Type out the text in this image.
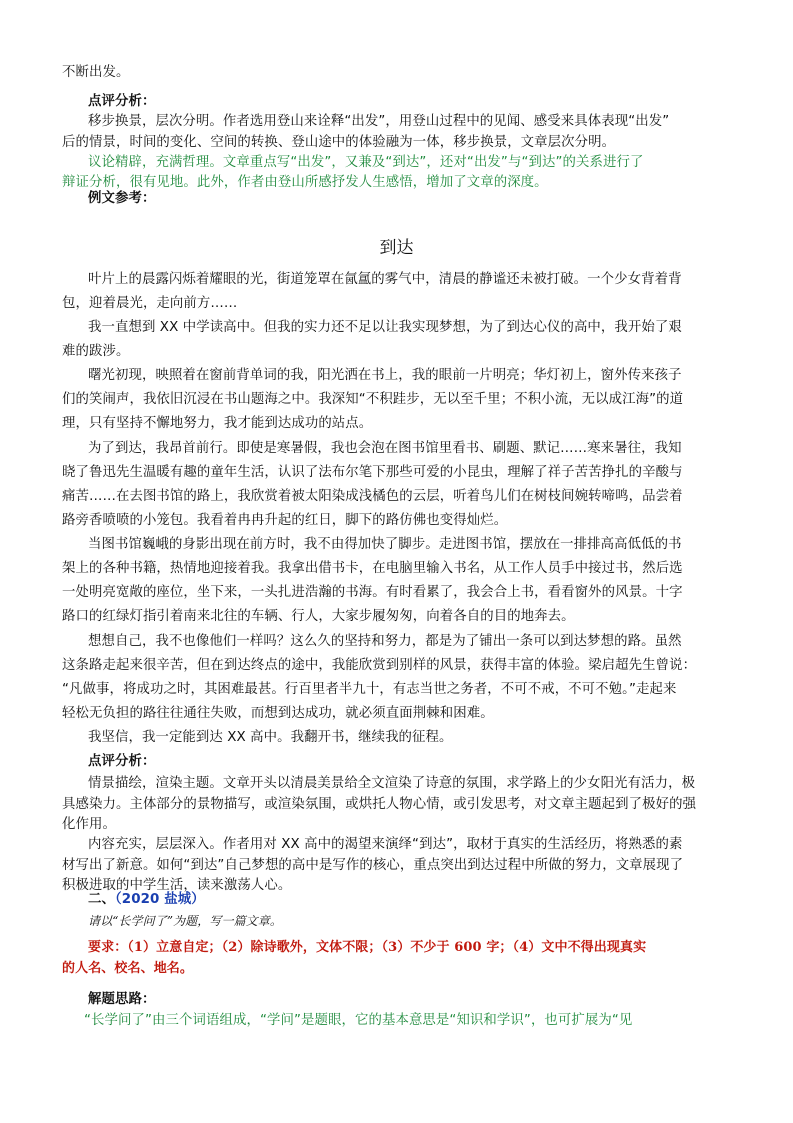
不断出发。
点评分析：
移步换景，层次分明。作者选用登山来诠释“出发”，用登山过程中的见闻、感受来具体表现“出发”
后的情景，时间的变化、空间的转换、登山途中的体验融为一体，移步换景，文章层次分明。
议论精辟，充满哲理。文章重点写“出发”，又兼及“到达”，还对“出发”与“到达”的关系进行了
辩证分析，很有见地。此外，作者由登山所感抒发人生感悟，增加了文章的深度。
例文参考：
到达
叶片上的晨露闪烁着耀眼的光，街道笼罩在氤氲的雾气中，清晨的静谧还未被打破。一个少女背着背
包，迎着晨光，走向前方……
我一直想到 XX 中学读高中。但我的实力还不足以让我实现梦想，为了到达心仪的高中，我开始了艰
难的跋涉。
曙光初现，映照着在窗前背单词的我，阳光洒在书上，我的眼前一片明亮；华灯初上，窗外传来孩子
们的笑闹声，我依旧沉浸在书山题海之中。我深知“不积跬步，无以至千里；不积小流，无以成江海”的道
理，只有坚持不懈地努力，我才能到达成功的站点。
为了到达，我昂首前行。即使是寒暑假，我也会泡在图书馆里看书、刷题、默记……寒来暑往，我知
晓了鲁迅先生温暖有趣的童年生活，认识了法布尔笔下那些可爱的小昆虫，理解了祥子苦苦挣扎的辛酸与
痛苦……在去图书馆的路上，我欣赏着被太阳染成浅橘色的云层，听着鸟儿们在树枝间婉转啼鸣，品尝着
路旁香喷喷的小笼包。我看着冉冉升起的红日，脚下的路仿佛也变得灿烂。
当图书馆巍峨的身影出现在前方时，我不由得加快了脚步。走进图书馆，摆放在一排排高高低低的书
架上的各种书籍，热情地迎接着我。我拿出借书卡，在电脑里输入书名，从工作人员手中接过书，然后选
一处明亮宽敞的座位，坐下来，一头扎进浩瀚的书海。有时看累了，我会合上书，看看窗外的风景。十字
路口的红绿灯指引着南来北往的车辆、行人，大家步履匆匆，向着各自的目的地奔去。
想想自己，我不也像他们一样吗？这么久的坚持和努力，都是为了铺出一条可以到达梦想的路。虽然
这条路走起来很辛苦，但在到达终点的途中，我能欣赏到别样的风景，获得丰富的体验。梁启超先生曾说：
“凡做事，将成功之时，其困难最甚。行百里者半九十，有志当世之务者，不可不戒，不可不勉。”走起来
轻松无负担的路往往通往失败，而想到达成功，就必须直面荆棘和困难。
我坚信，我一定能到达 XX 高中。我翻开书，继续我的征程。
点评分析：
情景描绘，渲染主题。文章开头以清晨美景给全文渲染了诗意的氛围，求学路上的少女阳光有活力，极
具感染力。主体部分的景物描写，或渲染氛围，或烘托人物心情，或引发思考，对文章主题起到了极好的强
化作用。
内容充实，层层深入。作者用对 XX 高中的渴望来演绎“到达”，取材于真实的生活经历，将熟悉的素
材写出了新意。如何“到达”自己梦想的高中是写作的核心，重点突出到达过程中所做的努力，文章展现了
积极进取的中学生活，读来激荡人心。
二、（2020 盐城）
请以“长学问了”为题，写一篇文章。
要求：（1）立意自定；（2）除诗歌外，文体不限；（3）不少于 600 字；（4）文中不得出现真实
的人名、校名、地名。
解题思路：
“长学问了”由三个词语组成，“学问”是题眼，它的基本意思是“知识和学识”，也可扩展为“见
